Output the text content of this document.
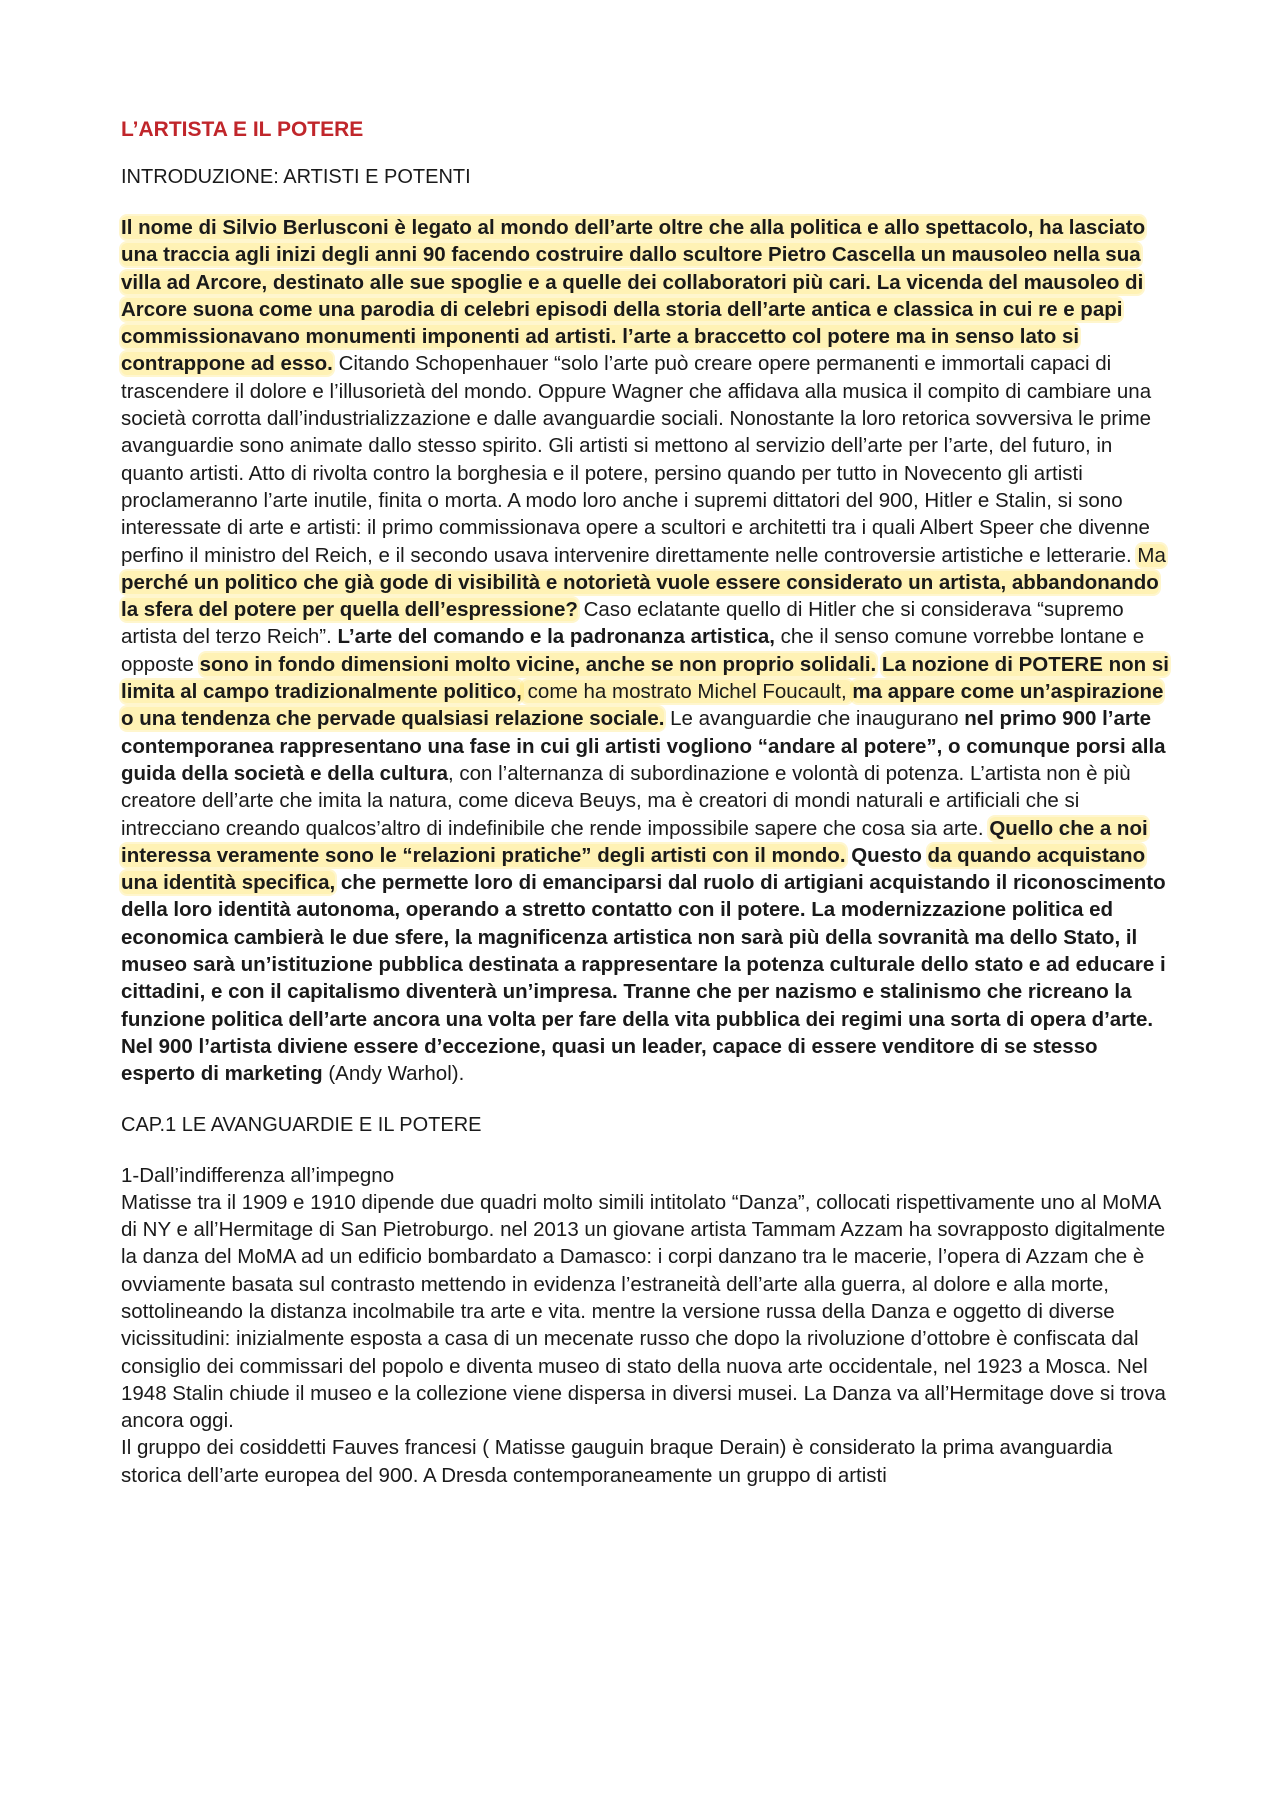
L’ARTISTA E IL POTERE
INTRODUZIONE: ARTISTI E POTENTI

Il nome di Silvio Berlusconi è legato al mondo dell’arte oltre che alla politica e allo spettacolo, ha lasciato una traccia agli inizi degli anni 90 facendo costruire dallo scultore Pietro Cascella un mausoleo nella sua villa ad Arcore, destinato alle sue spoglie e a quelle dei collaboratori più cari. La vicenda del mausoleo di Arcore suona come una parodia di celebri episodi della storia dell’arte antica e classica in cui re e papi commissionavano monumenti imponenti ad artisti. l’arte a braccetto col potere ma in senso lato si contrappone ad esso. Citando Schopenhauer “solo l’arte può creare opere permanenti e immortali capaci di trascendere il dolore e l’illusorietà del mondo. Oppure Wagner che affidava alla musica il compito di cambiare una società corrotta dall’industrializzazione e dalle avanguardie sociali. Nonostante la loro retorica sovversiva le prime avanguardie sono animate dallo stesso spirito. Gli artisti si mettono al servizio dell’arte per l’arte, del futuro, in quanto artisti. Atto di rivolta contro la borghesia e il potere, persino quando per tutto in Novecento gli artisti proclameranno l’arte inutile, finita o morta. A modo loro anche i supremi dittatori del 900, Hitler e Stalin, si sono interessate di arte e artisti: il primo commissionava opere a scultori e architetti tra i quali Albert Speer che divenne perfino il ministro del Reich, e il secondo usava intervenire direttamente nelle controversie artistiche e letterarie. Ma perché un politico che già gode di visibilità e notorietà vuole essere considerato un artista, abbandonando la sfera del potere per quella dell’espressione? Caso eclatante quello di Hitler che si considerava “supremo artista del terzo Reich”. L’arte del comando e la padronanza artistica, che il senso comune vorrebbe lontane e opposte sono in fondo dimensioni molto vicine, anche se non proprio solidali. La nozione di POTERE non si limita al campo tradizionalmente politico, come ha mostrato Michel Foucault, ma appare come un’aspirazione o una tendenza che pervade qualsiasi relazione sociale. Le avanguardie che inaugurano nel primo 900 l’arte contemporanea rappresentano una fase in cui gli artisti vogliono “andare al potere”, o comunque porsi alla guida della società e della cultura, con l’alternanza di subordinazione e volontà di potenza. L’artista non è più creatore dell’arte che imita la natura, come diceva Beuys, ma è creatori di mondi naturali e artificiali che si intrecciano creando qualcos’altro di indefinibile che rende impossibile sapere che cosa sia arte. Quello che a noi interessa veramente sono le “relazioni pratiche” degli artisti con il mondo. Questo da quando acquistano una identità specifica, che permette loro di emanciparsi dal ruolo di artigiani acquistando il riconoscimento della loro identità autonoma, operando a stretto contatto con il potere. La modernizzazione politica ed economica cambierà le due sfere, la magnificenza artistica non sarà più della sovranità ma dello Stato, il museo sarà un’istituzione pubblica destinata a rappresentare la potenza culturale dello stato e ad educare i cittadini, e con il capitalismo diventerà un’impresa. Tranne che per nazismo e stalinismo che ricreano la funzione politica dell’arte ancora una volta per fare della vita pubblica dei regimi una sorta di opera d’arte.

Nel 900 l’artista diviene essere d’eccezione, quasi un leader, capace di essere venditore di se stesso esperto di marketing (Andy Warhol).

CAP.1 LE AVANGUARDIE E IL POTERE
1-Dall’indifferenza all’impegno

Matisse tra il 1909 e 1910 dipende due quadri molto simili intitolato “Danza”, collocati rispettivamente uno al MoMA di NY e all’Hermitage di San Pietroburgo. nel 2013 un giovane artista Tammam Azzam ha sovrapposto digitalmente la danza del MoMA ad un edificio bombardato a Damasco: i corpi danzano tra le macerie, l’opera di Azzam che è ovviamente basata sul contrasto mettendo in evidenza l’estraneità dell’arte alla guerra, al dolore e alla morte, sottolineando la distanza incolmabile tra arte e vita. mentre la versione russa della Danza e oggetto di diverse vicissitudini: inizialmente esposta a casa di un mecenate russo che dopo la rivoluzione d’ottobre è confiscata dal consiglio dei commissari del popolo e diventa museo di stato della nuova arte occidentale, nel 1923 a Mosca. Nel 1948 Stalin chiude il museo e la collezione viene dispersa in diversi musei. La Danza va all’Hermitage dove si trova ancora oggi.

Il gruppo dei cosiddetti Fauves francesi ( Matisse gauguin braque Derain) è considerato la prima avanguardia storica dell’arte europea del 900. A Dresda contemporaneamente un gruppo di artisti
